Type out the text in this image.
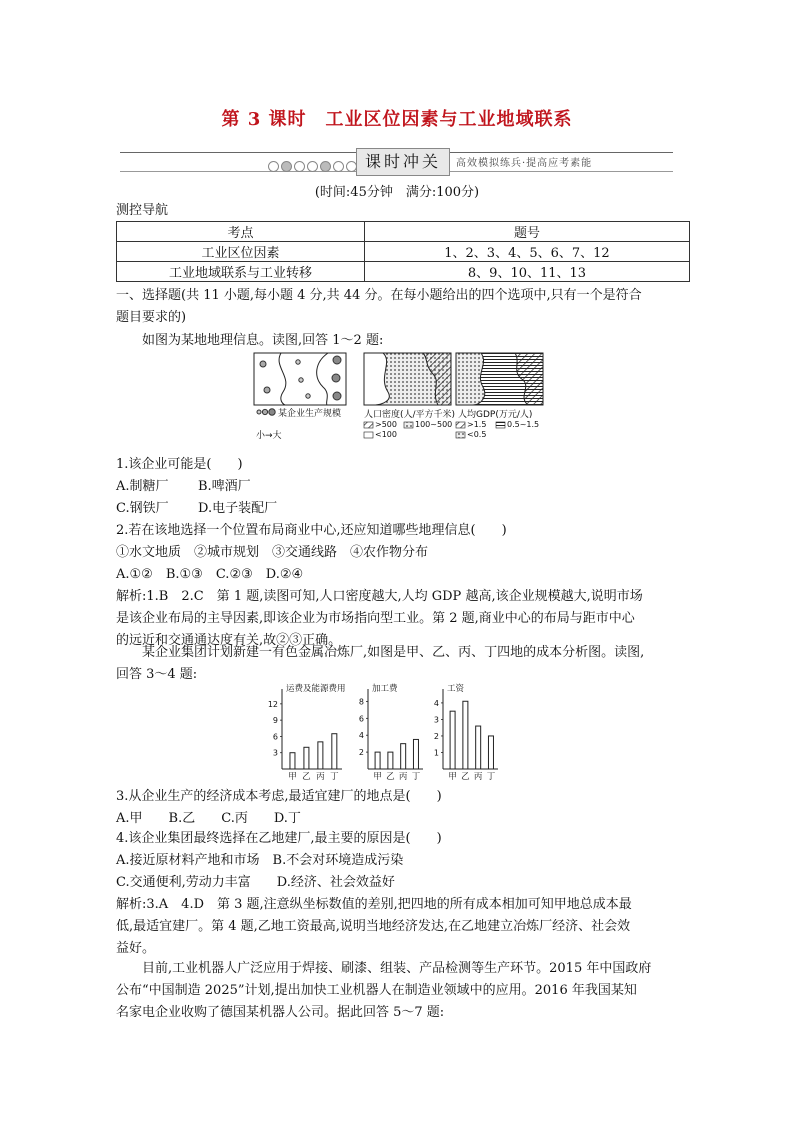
第 3 课时　工业区位因素与工业地域联系
课时冲关	高效模拟练兵·提高应考素能
(时间:45分钟　满分:100分)
测控导航
考点	题号
工业区位因素	1、2、3、4、5、6、7、12
工业地域联系与工业转移	8、9、10、11、13
一、选择题(共 11 小题,每小题 4 分,共 44 分。在每小题给出的四个选项中,只有一个是符合
题目要求的)
如图为某地地理信息。读图,回答 1～2 题:
某企业生产规模
小→大
人口密度(人/平方千米) 人均GDP(万元/人)
>500 100~500
<100
>1.5	0.5~1.5
<0.5
1.该企业可能是(　　)
A.制糖厂 B.啤酒厂
C.钢铁厂 D.电子装配厂
2.若在该地选择一个位置布局商业中心,还应知道哪些地理信息(　　)
①水文地质　②城市规划　③交通线路　④农作物分布
A.①②　B.①③　C.②③　D.②④
解析:1.B　2.C　第 1 题,读图可知,人口密度越大,人均 GDP 越高,该企业规模越大,说明市场
是该企业布局的主导因素,即该企业为市场指向型工业。第 2 题,商业中心的布局与距市中心
的远近和交通通达度有关,故②③正确。
某企业集团计划新建一有色金属冶炼厂,如图是甲、乙、丙、丁四地的成本分析图。读图,
回答 3～4 题:
运费及能源费用
3
6
9
12
甲 乙 丙 丁
加工费
2
4
6
8
甲 乙 丙 丁
工资
1
2
3
4
甲 乙 丙 丁
3.从企业生产的经济成本考虑,最适宜建厂的地点是(　　)
A.甲　　B.乙　　C.丙　　D.丁
4.该企业集团最终选择在乙地建厂,最主要的原因是(　　)
A.接近原材料产地和市场　B.不会对环境造成污染
C.交通便利,劳动力丰富　　D.经济、社会效益好
解析:3.A　4.D　第 3 题,注意纵坐标数值的差别,把四地的所有成本相加可知甲地总成本最
低,最适宜建厂。第 4 题,乙地工资最高,说明当地经济发达,在乙地建立冶炼厂经济、社会效
益好。
目前,工业机器人广泛应用于焊接、刷漆、组装、产品检测等生产环节。2015 年中国政府
公布“中国制造 2025”计划,提出加快工业机器人在制造业领域中的应用。2016 年我国某知
名家电企业收购了德国某机器人公司。据此回答 5～7 题:
